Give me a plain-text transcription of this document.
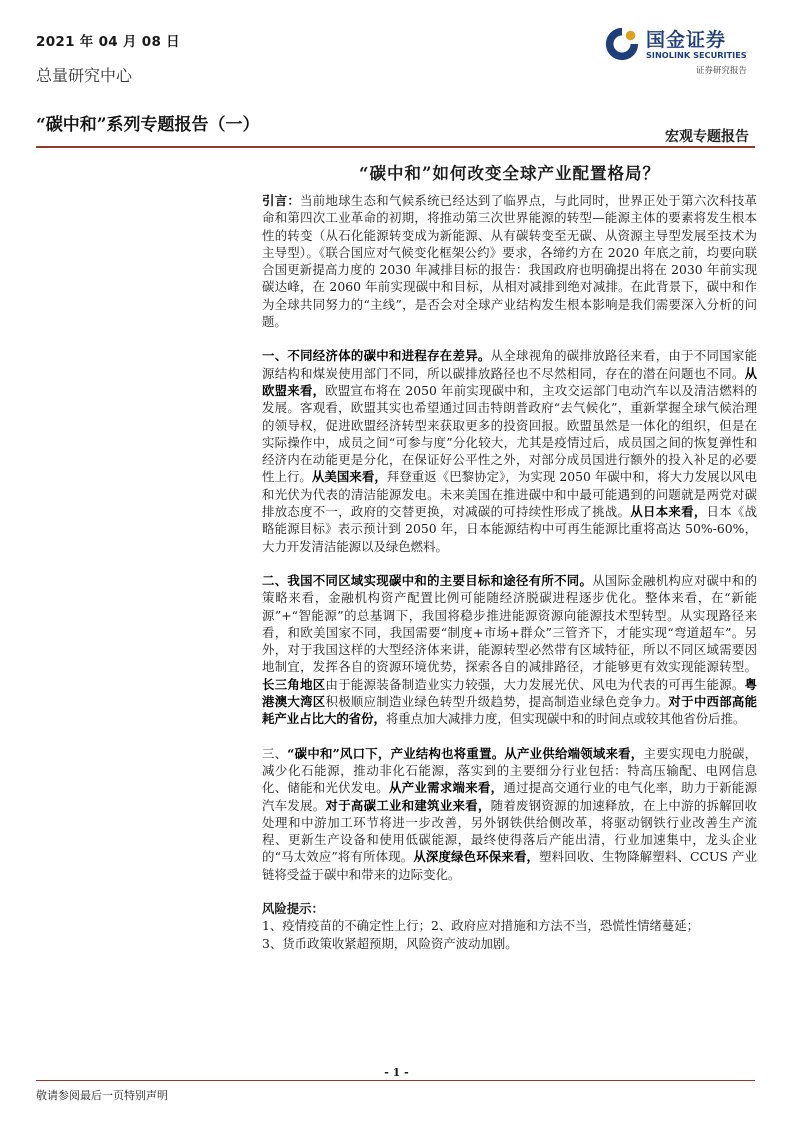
2021 年 04 月 08 日
总量研究中心
“碳中和”系列专题报告（一）
宏观专题报告
国金证券
SINOLINK SECURITIES
证券研究报告
“碳中和”如何改变全球产业配置格局？

引言：当前地球生态和气候系统已经达到了临界点，与此同时，世界正处于第六次科技革命和第四次工业革命的初期，将推动第三次世界能源的转型—能源主体的要素将发生根本性的转变（从石化能源转变成为新能源、从有碳转变至无碳、从资源主导型发展至技术为主导型）。《联合国应对气候变化框架公约》要求，各缔约方在 2020 年底之前，均要向联合国更新提高力度的 2030 年减排目标的报告：我国政府也明确提出将在 2030 年前实现碳达峰，在 2060 年前实现碳中和目标，从相对减排到绝对减排。在此背景下，碳中和作为全球共同努力的“主线”，是否会对全球产业结构发生根本影响是我们需要深入分析的问题。

一、不同经济体的碳中和进程存在差异。从全球视角的碳排放路径来看，由于不同国家能源结构和煤炭使用部门不同，所以碳排放路径也不尽然相同，存在的潜在问题也不同。从欧盟来看，欧盟宣布将在 2050 年前实现碳中和，主攻交运部门电动汽车以及清洁燃料的发展。客观看，欧盟其实也希望通过回击特朗普政府“去气候化”，重新掌握全球气候治理的领导权，促进欧盟经济转型来获取更多的投资回报。欧盟虽然是一体化的组织，但是在实际操作中，成员之间“可参与度”分化较大，尤其是疫情过后，成员国之间的恢复弹性和经济内在动能更是分化，在保证好公平性之外，对部分成员国进行额外的投入补足的必要性上行。从美国来看，拜登重返《巴黎协定》，为实现 2050 年碳中和，将大力发展以风电和光伏为代表的清洁能源发电。未来美国在推进碳中和中最可能遇到的问题就是两党对碳排放态度不一，政府的交替更换，对减碳的可持续性形成了挑战。从日本来看，日本《战略能源目标》表示预计到 2050 年，日本能源结构中可再生能源比重将高达 50%-60%，大力开发清洁能源以及绿色燃料。

二、我国不同区域实现碳中和的主要目标和途径有所不同。从国际金融机构应对碳中和的策略来看，金融机构资产配置比例可能随经济脱碳进程逐步优化。整体来看，在“新能源”+“智能源”的总基调下，我国将稳步推进能源资源向能源技术型转型。从实现路径来看，和欧美国家不同，我国需要“制度+市场+群众”三管齐下，才能实现“弯道超车”。另外，对于我国这样的大型经济体来讲，能源转型必然带有区域特征，所以不同区域需要因地制宜，发挥各自的资源环境优势，探索各自的减排路径，才能够更有效实现能源转型。长三角地区由于能源装备制造业实力较强，大力发展光伏、风电为代表的可再生能源。粤港澳大湾区积极顺应制造业绿色转型升级趋势，提高制造业绿色竞争力。对于中西部高能耗产业占比大的省份，将重点加大减排力度，但实现碳中和的时间点或较其他省份后推。

三、“碳中和”风口下，产业结构也将重置。从产业供给端领域来看，主要实现电力脱碳，减少化石能源，推动非化石能源，落实到的主要细分行业包括：特高压输配、电网信息化、储能和光伏发电。从产业需求端来看，通过提高交通行业的电气化率，助力于新能源汽车发展。对于高碳工业和建筑业来看，随着废钢资源的加速释放，在上中游的拆解回收处理和中游加工环节将进一步改善，另外钢铁供给侧改革，将驱动钢铁行业改善生产流程、更新生产设备和使用低碳能源，最终使得落后产能出清，行业加速集中，龙头企业的“马太效应”将有所体现。从深度绿色环保来看，塑料回收、生物降解塑料、CCUS 产业链将受益于碳中和带来的边际变化。

风险提示：

1、疫情疫苗的不确定性上行；2、政府应对措施和方法不当，恐慌性情绪蔓延；

3、货币政策收紧超预期，风险资产波动加剧。

- 1 -
敬请参阅最后一页特别声明
